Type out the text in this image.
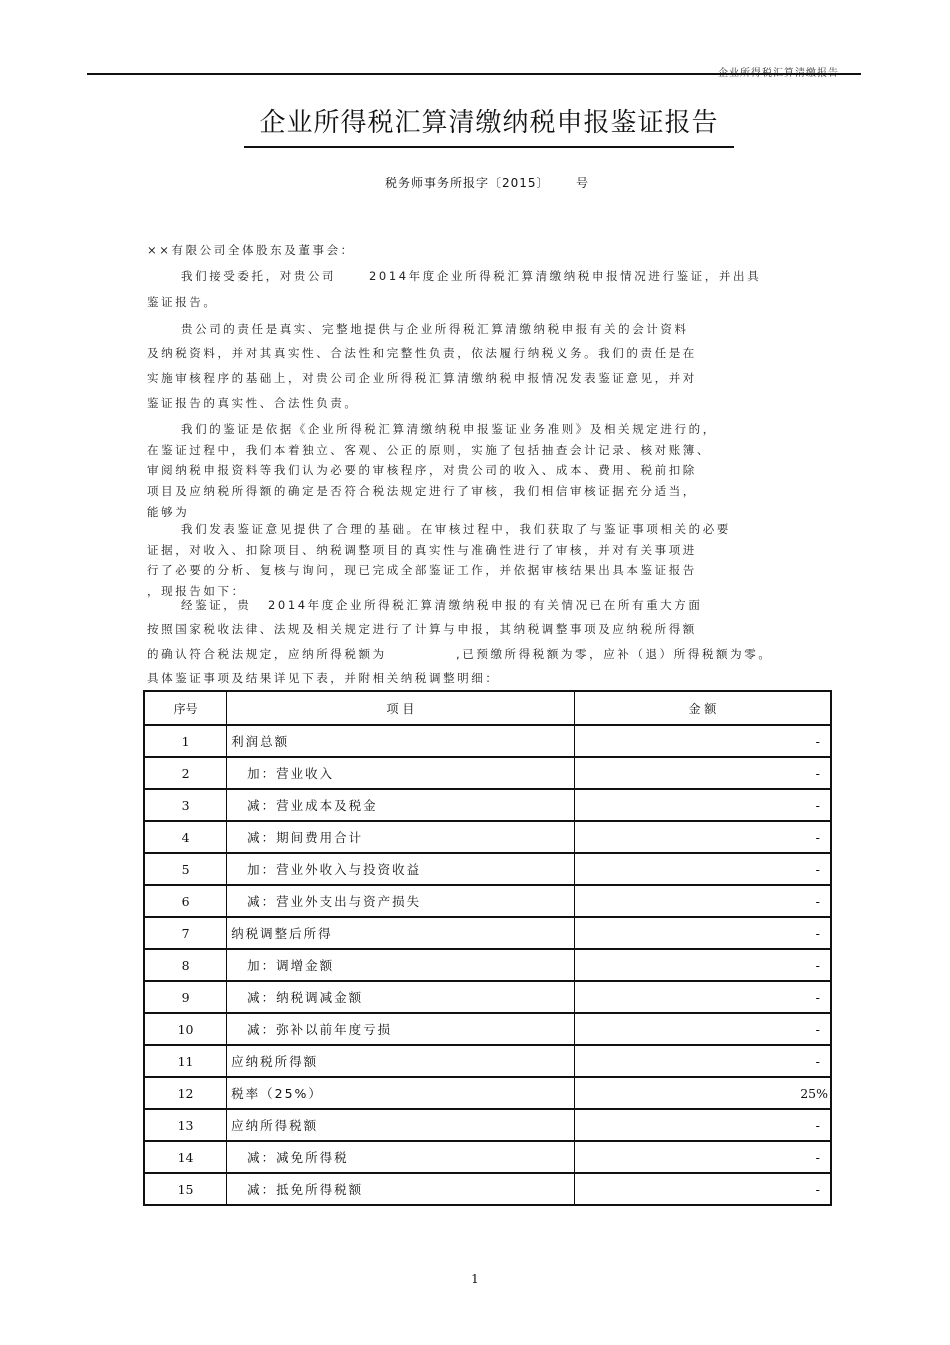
企业所得税汇算清缴报告
企业所得税汇算清缴纳税申报鉴证报告
税务师事务所报字〔2015〕 号
××有限公司全体股东及董事会：
我们接受委托，对贵公司	2014年度企业所得税汇算清缴纳税申报情况进行鉴证，并出具
鉴证报告。
贵公司的责任是真实、完整地提供与企业所得税汇算清缴纳税申报有关的会计资料
及纳税资料，并对其真实性、合法性和完整性负责，依法履行纳税义务。我们的责任是在
实施审核程序的基础上，对贵公司企业所得税汇算清缴纳税申报情况发表鉴证意见，并对
鉴证报告的真实性、合法性负责。
我们的鉴证是依据《企业所得税汇算清缴纳税申报鉴证业务准则》及相关规定进行的，
在鉴证过程中，我们本着独立、客观、公正的原则，实施了包括抽查会计记录、核对账簿、
审阅纳税申报资料等我们认为必要的审核程序，对贵公司的收入、成本、费用、税前扣除
项目及应纳税所得额的确定是否符合税法规定进行了审核，我们相信审核证据充分适当，
能够为
我们发表鉴证意见提供了合理的基础。在审核过程中，我们获取了与鉴证事项相关的必要
证据，对收入、扣除项目、纳税调整项目的真实性与准确性进行了审核，并对有关事项进
行了必要的分析、复核与询问，现已完成全部鉴证工作，并依据审核结果出具本鉴证报告
，现报告如下：
经鉴证，贵	2014年度企业所得税汇算清缴纳税申报的有关情况已在所有重大方面
按照国家税收法律、法规及相关规定进行了计算与申报，其纳税调整事项及应纳税所得额
的确认符合税法规定，应纳所得税额为	,已预缴所得税额为零，应补（退）所得税额为零。
具体鉴证事项及结果详见下表，并附相关纳税调整明细：
序号	项 目	金 额
1	利润总额	-
2	加：营业收入	-
3	减：营业成本及税金	-
4	减：期间费用合计	-
5	加：营业外收入与投资收益	-
6	减：营业外支出与资产损失	-
7	纳税调整后所得	-
8	加：调增金额	-
9	减：纳税调减金额	-
10	减：弥补以前年度亏损	-
11	应纳税所得额	-
12	税率（25%）	25%
13	应纳所得税额	-
14	减：减免所得税	-
15	减：抵免所得税额	-
1
